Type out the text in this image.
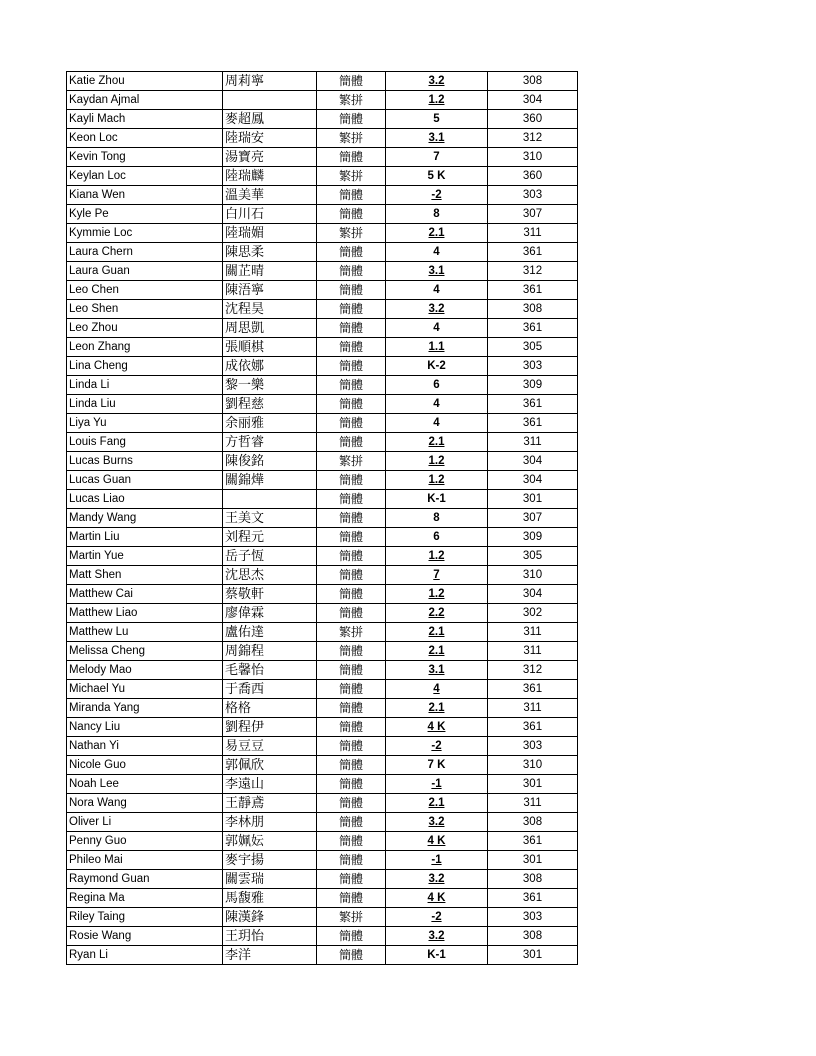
Katie Zhou	周莉寧	簡體	3.2	308
Kaydan Ajmal		繁拼	1.2	304
Kayli Mach	麥超鳳	簡體	5	360
Keon Loc	陸瑞安	繁拼	3.1	312
Kevin Tong	湯寶亮	簡體	7	310
Keylan Loc	陸瑞麟	繁拼	5 K	360
Kiana Wen	溫美華	簡體	-2	303
Kyle Pe	白川石	簡體	8	307
Kymmie Loc	陸瑞媚	繁拼	2.1	311
Laura Chern	陳思柔	簡體	4	361
Laura Guan	關芷晴	簡體	3.1	312
Leo Chen	陳浯寧	簡體	4	361
Leo Shen	沈程昊	簡體	3.2	308
Leo Zhou	周思凱	簡體	4	361
Leon Zhang	張順棋	簡體	1.1	305
Lina Cheng	成依娜	簡體	K-2	303
Linda Li	黎一樂	簡體	6	309
Linda Liu	劉程慈	簡體	4	361
Liya Yu	余丽雅	簡體	4	361
Louis Fang	方哲睿	簡體	2.1	311
Lucas Burns	陳俊銘	繁拼	1.2	304
Lucas Guan	關錦燁	簡體	1.2	304
Lucas Liao		簡體	K-1	301
Mandy Wang	王美文	簡體	8	307
Martin Liu	刘程元	簡體	6	309
Martin Yue	岳子恆	簡體	1.2	305
Matt Shen	沈思杰	簡體	7	310
Matthew Cai	蔡敬軒	簡體	1.2	304
Matthew Liao	廖偉霖	簡體	2.2	302
Matthew Lu	盧佑達	繁拼	2.1	311
Melissa Cheng	周錦程	簡體	2.1	311
Melody Mao	毛馨怡	簡體	3.1	312
Michael Yu	于喬西	簡體	4	361
Miranda Yang	格格	簡體	2.1	311
Nancy Liu	劉程伊	簡體	4 K	361
Nathan Yi	易豆豆	簡體	-2	303
Nicole Guo	郭佩欣	簡體	7 K	310
Noah Lee	李遠山	簡體	-1	301
Nora Wang	王靜鳶	簡體	2.1	311
Oliver Li	李林朋	簡體	3.2	308
Penny Guo	郭姵妘	簡體	4 K	361
Phileo Mai	麥宇揚	簡體	-1	301
Raymond Guan	關雲瑞	簡體	3.2	308
Regina Ma	馬馥雅	簡體	4 K	361
Riley Taing	陳漢鋒	繁拼	-2	303
Rosie Wang	王玥怡	簡體	3.2	308
Ryan Li	李洋	簡體	K-1	301
